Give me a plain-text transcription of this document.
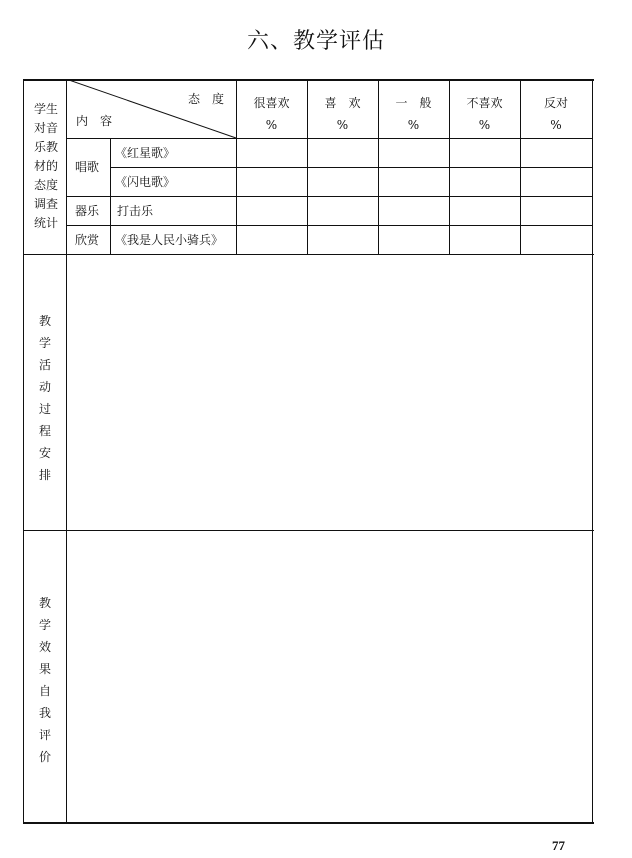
六、教学评估
态　度
内　容
学生
对音
乐教
材的
态度
调查
统计
很喜欢
%
喜　欢
%
一　般
%
不喜欢
%
反对
%
唱歌
器乐
欣赏
《红星歌》
《闪电歌》
打击乐
《我是人民小骑兵》
教
学
活
动
过
程
安
排
教
学
效
果
自
我
评
价
77
